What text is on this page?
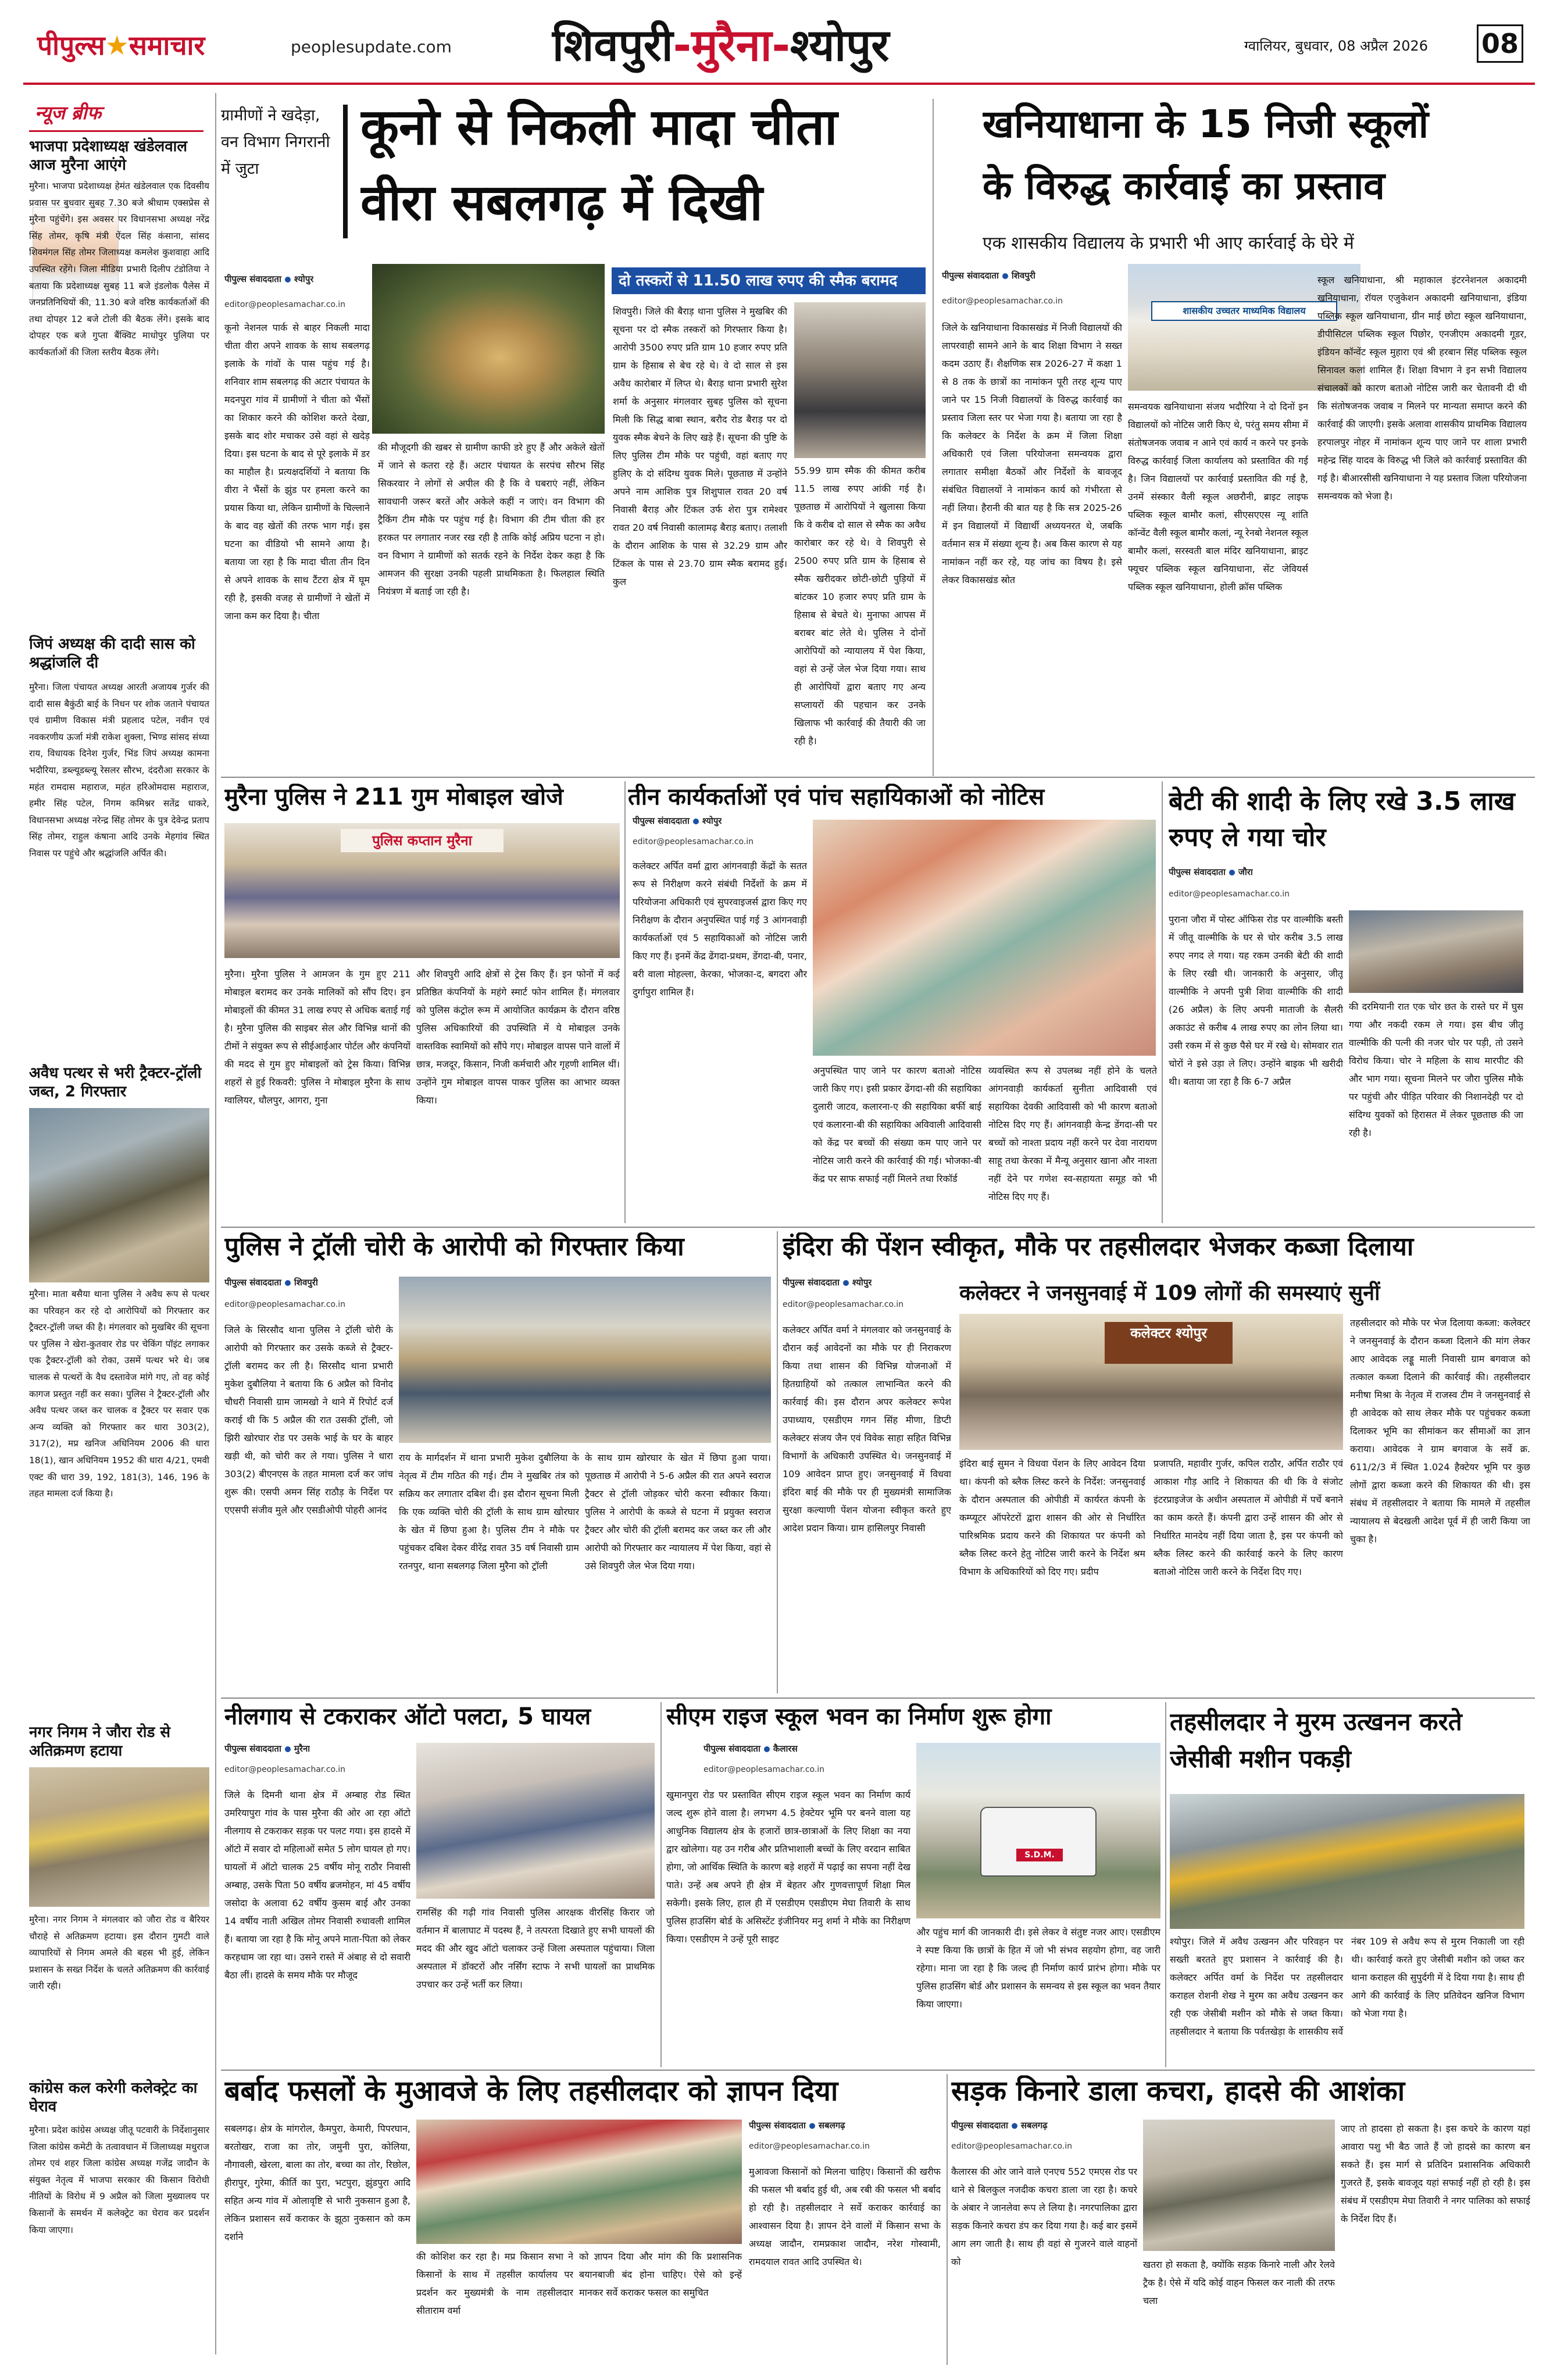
पीपुल्स★समाचार	peoplesupdate.com शिवपुरी-मुरैना-श्योपुर	ग्वालियर, बुधवार, 08 अप्रैल 2026 08
न्यूज ब्रीफ
भाजपा प्रदेशाध्यक्ष खंडेलवाल आज मुरैना आएंगे
मुरैना। भाजपा प्रदेशाध्यक्ष हेमंत खंडेलवाल एक दिवसीय प्रवास पर बुधवार सुबह 7.30 बजे श्रीधाम एक्सप्रेस से मुरैना पहुंचेंगे। इस अवसर पर विधानसभा अध्यक्ष नरेंद्र सिंह तोमर, कृषि मंत्री ऐंदल सिंह कंसाना, सांसद शिवमंगल सिंह तोमर जिलाध्यक्ष कमलेश कुशवाहा आदि उपस्थित रहेंगे। जिला मीडिया प्रभारी दिलीप टंडोतिया ने बताया कि प्रदेशाध्यक्ष सुबह 11 बजे इंडलोक पैलेस में जनप्रतिनिधियों की, 11.30 बजे वरिष्ठ कार्यकर्ताओं की तथा दोपहर 12 बजे टोली की बैठक लेंगे। इसके बाद दोपहर एक बजे गुप्ता बैंक्विट माधोपुर पुलिया पर कार्यकर्ताओं की जिला स्तरीय बैठक लेंगे।
जिपं अध्यक्ष की दादी सास को श्रद्धांजलि दी
मुरैना। जिला पंचायत अध्यक्ष आरती अजायब गुर्जर की दादी सास बैकुंठी बाई के निधन पर शोक जताने पंचायत एवं ग्रामीण विकास मंत्री प्रहलाद पटेल, नवीन एवं नवकरणीय ऊर्जा मंत्री राकेश शुक्ला, भिण्ड सांसद संध्या राय, विधायक दिनेश गुर्जर, भिंड जिपं अध्यक्ष कामना भदौरिया, डब्ल्यूडब्ल्यू रेसलर सौरभ, दंदरौआ सरकार के महंत रामदास महाराज, महंत हरिओमदास महाराज, हमीर सिंह पटेल, निगम कमिश्नर सतेंद्र धाकरे, विधानसभा अध्यक्ष नरेन्द्र सिंह तोमर के पुत्र देवेन्द्र प्रताप सिंह तोमर, राहुल कंषाना आदि उनके मेहगांव स्थित निवास पर पहुंचे और श्रद्धांजलि अर्पित की।
अवैध पत्थर से भरी ट्रैक्टर-ट्रॉली जब्त, 2 गिरफ्तार
मुरैना। माता बसैया थाना पुलिस ने अवैध रूप से पत्थर का परिवहन कर रहे दो आरोपियों को गिरफ्तार कर ट्रैक्टर-ट्रॉली जब्त की है। मंगलवार को मुखबिर की सूचना पर पुलिस ने खेरा-कुतवार रोड पर चेकिंग पॉइंट लगाकर एक ट्रैक्टर-ट्रॉली को रोका, उसमें पत्थर भरे थे। जब चालक से पत्थरों के वैध दस्तावेज मांगे गए, तो वह कोई कागज प्रस्तुत नहीं कर सका। पुलिस ने ट्रैक्टर-ट्रॉली और अवैध पत्थर जब्त कर चालक व ट्रैक्टर पर सवार एक अन्य व्यक्ति को गिरफ्तार कर धारा 303(2), 317(2), मप्र खनिज अधिनियम 2006 की धारा 18(1), खान अधिनियम 1952 की धारा 4/21, एमवी एक्ट की धारा 39, 192, 181(3), 146, 196 के तहत मामला दर्ज किया है।
नगर निगम ने जौरा रोड से अतिक्रमण हटाया
मुरैना। नगर निगम ने मंगलवार को जौरा रोड व बैरियर चौराहे से अतिक्रमण हटाया। इस दौरान गुमटी वाले व्यापारियों से निगम अमले की बहस भी हुई, लेकिन प्रशासन के सख्त निर्देश के चलते अतिक्रमण की कार्रवाई जारी रही।
कांग्रेस कल करेगी कलेक्ट्रेट का घेराव
मुरैना। प्रदेश कांग्रेस अध्यक्ष जीतू पटवारी के निर्देशानुसार जिला कांग्रेस कमेटी के तत्वावधान में जिलाध्यक्ष मधुराज तोमर एवं शहर जिला कांग्रेस अध्यक्ष गजेंद्र जादौन के संयुक्त नेतृत्व में भाजपा सरकार की किसान विरोधी नीतियों के विरोध में 9 अप्रैल को जिला मुख्यालय पर किसानों के समर्थन में कलेक्ट्रेट का घेराव कर प्रदर्शन किया जाएगा।
ग्रामीणों ने खदेड़ा, वन विभाग निगरानी में जुटा
कूनो से निकली मादा चीता
वीरा सबलगढ़ में दिखी
पीपुल्स संवाददाता श्योपुर
editor@peoplesamachar.co.in
कूनो नेशनल पार्क से बाहर निकली मादा चीता वीरा अपने शावक के साथ सबलगढ़ इलाके के गांवों के पास पहुंच गई है। शनिवार शाम सबलगढ़ की अटार पंचायत के मदनपुरा गांव में ग्रामीणों ने चीता को भैंसों का शिकार करने की कोशिश करते देखा, इसके बाद शोर मचाकर उसे वहां से खदेड़ दिया। इस घटना के बाद से पूरे इलाके में डर का माहौल है। प्रत्यक्षदर्शियों ने बताया कि वीरा ने भैंसों के झुंड पर हमला करने का प्रयास किया था, लेकिन ग्रामीणों के चिल्लाने के बाद वह खेतों की तरफ भाग गई। इस घटना का वीडियो भी सामने आया है। बताया जा रहा है कि मादा चीता तीन दिन से अपने शावक के साथ टैंटरा क्षेत्र में घूम रही है, इसकी वजह से ग्रामीणों ने खेतों में जाना कम कर दिया है। चीता
की मौजूदगी की खबर से ग्रामीण काफी डरे हुए हैं और अकेले खेतों में जाने से कतरा रहे हैं। अटार पंचायत के सरपंच सौरभ सिंह सिकरवार ने लोगों से अपील की है कि वे घबराएं नहीं, लेकिन सावधानी जरूर बरतें और अकेले कहीं न जाएं। वन विभाग की ट्रैकिंग टीम मौके पर पहुंच गई है। विभाग की टीम चीता की हर हरकत पर लगातार नजर रख रही है ताकि कोई अप्रिय घटना न हो। वन विभाग ने ग्रामीणों को सतर्क रहने के निर्देश देकर कहा है कि आमजन की सुरक्षा उनकी पहली प्राथमिकता है। फिलहाल स्थिति नियंत्रण में बताई जा रही है।
दो तस्करों से 11.50 लाख रुपए की स्मैक बरामद
शिवपुरी। जिले की बैराड़ थाना पुलिस ने मुखबिर की सूचना पर दो स्मैक तस्करों को गिरफ्तार किया है। आरोपी 3500 रुपए प्रति ग्राम 10 हजार रुपए प्रति ग्राम के हिसाब से बेच रहे थे। वे दो साल से इस अवैध कारोबार में लिप्त थे। बैराड़ थाना प्रभारी सुरेश शर्मा के अनुसार मंगलवार सुबह पुलिस को सूचना मिली कि सिद्ध बाबा स्थान, बरौद रोड बैराड़ पर दो युवक स्मैक बेचने के लिए खड़े हैं। सूचना की पुष्टि के लिए पुलिस टीम मौके पर पहुंची, वहां बताए गए हुलिए के दो संदिग्ध युवक मिले। पूछताछ में उन्होंने अपने नाम आशिक पुत्र शिशुपाल रावत 20 वर्ष निवासी बैराड़ और टिंकल उर्फ शेरा पुत्र रामेश्वर रावत 20 वर्ष निवासी कालामढ़ बैराड़ बताए। तलाशी के दौरान आशिक के पास से 32.29 ग्राम और टिंकल के पास से 23.70 ग्राम स्मैक बरामद हुई। कुल
55.99 ग्राम स्मैक की कीमत करीब 11.5 लाख रुपए आंकी गई है। पूछताछ में आरोपियों ने खुलासा किया कि वे करीब दो साल से स्मैक का अवैध कारोबार कर रहे थे। वे शिवपुरी से 2500 रुपए प्रति ग्राम के हिसाब से स्मैक खरीदकर छोटी-छोटी पुड़ियों में बांटकर 10 हजार रुपए प्रति ग्राम के हिसाब से बेचते थे। मुनाफा आपस में बराबर बांट लेते थे। पुलिस ने दोनों आरोपियों को न्यायालय में पेश किया, वहां से उन्हें जेल भेज दिया गया। साथ ही आरोपियों द्वारा बताए गए अन्य सप्लायरों की पहचान कर उनके खिलाफ भी कार्रवाई की तैयारी की जा रही है।
खनियाधाना के 15 निजी स्कूलों
के विरुद्ध कार्रवाई का प्रस्ताव
एक शासकीय विद्यालय के प्रभारी भी आए कार्रवाई के घेरे में
पीपुल्स संवाददाता शिवपुरी
editor@peoplesamachar.co.in
शासकीय उच्चतर माध्यमिक विद्यालय
जिले के खनियाधाना विकासखंड में निजी विद्यालयों की लापरवाही सामने आने के बाद शिक्षा विभाग ने सख्त कदम उठाए हैं। शैक्षणिक सत्र 2026-27 में कक्षा 1 से 8 तक के छात्रों का नामांकन पूरी तरह शून्य पाए जाने पर 15 निजी विद्यालयों के विरुद्ध कार्रवाई का प्रस्ताव जिला स्तर पर भेजा गया है। बताया जा रहा है कि कलेक्टर के निर्देश के क्रम में जिला शिक्षा अधिकारी एवं जिला परियोजना समन्वयक द्वारा लगातार समीक्षा बैठकों और निर्देशों के बावजूद संबंधित विद्यालयों ने नामांकन कार्य को गंभीरता से नहीं लिया। हैरानी की बात यह है कि सत्र 2025-26 में इन विद्यालयों में विद्यार्थी अध्ययनरत थे, जबकि वर्तमान सत्र में संख्या शून्य है। अब किस कारण से यह नामांकन नहीं कर रहे, यह जांच का विषय है। इसे लेकर विकासखंड स्रोत
समन्वयक खनियाधाना संजय भदौरिया ने दो दिनों इन विद्यालयों को नोटिस जारी किए थे, परंतु समय सीमा में संतोषजनक जवाब न आने एवं कार्य न करने पर इनके विरुद्ध कार्रवाई जिला कार्यालय को प्रस्तावित की गई है। जिन विद्यालयों पर कार्रवाई प्रस्तावित की गई है, उनमें संस्कार वैली स्कूल अछरौनी, ब्राइट लाइफ पब्लिक स्कूल बामौर कलां, सीएसएएस न्यू शांति कॉन्वेंट वैली स्कूल बामौर कलां, न्यू रेनबो नेशनल स्कूल बामौर कलां, सरस्वती बाल मंदिर खनियाधाना, ब्राइट फ्यूचर पब्लिक स्कूल खनियाधाना, सेंट जेवियर्स पब्लिक स्कूल खनियाधाना, होली क्रॉस पब्लिक
स्कूल खनियाधाना, श्री महाकाल इंटरनेशनल अकादमी खनियाधाना, रॉयल एजुकेशन अकादमी खनियाधाना, इंडिया पब्लिक स्कूल खनियाधाना, ग्रीन माई छोटा स्कूल खनियाधाना, डीपीसिटल पब्लिक स्कूल पिछोर, एनजीएम अकादमी गूडर, इंडियन कॉन्वेंट स्कूल मुहारा एवं श्री हरबान सिंह पब्लिक स्कूल सिनावल कलां शामिल हैं। शिक्षा विभाग ने इन सभी विद्यालय संचालकों को कारण बताओ नोटिस जारी कर चेतावनी दी थी कि संतोषजनक जवाब न मिलने पर मान्यता समाप्त करने की कार्रवाई की जाएगी। इसके अलावा शासकीय प्राथमिक विद्यालय हरपालपुर नोहर में नामांकन शून्य पाए जाने पर शाला प्रभारी महेन्द्र सिंह यादव के विरुद्ध भी जिले को कार्रवाई प्रस्तावित की गई है। बीआरसीसी खनियाधाना ने यह प्रस्ताव जिला परियोजना समन्वयक को भेजा है।
मुरैना पुलिस ने 211 गुम मोबाइल खोजे
पुलिस कप्तान मुरैना
मुरैना। मुरैना पुलिस ने आमजन के गुम हुए 211 मोबाइल बरामद कर उनके मालिकों को सौंप दिए। इन मोबाइलों की कीमत 31 लाख रुपए से अधिक बताई गई है। मुरैना पुलिस की साइबर सेल और विभिन्न थानों की टीमों ने संयुक्त रूप से सीईआईआर पोर्टल और कंपनियों की मदद से गुम हुए मोबाइलों को ट्रेस किया। विभिन्न शहरों से हुई रिकवरी: पुलिस ने मोबाइल मुरैना के साथ ग्वालियर, धौलपुर, आगरा, गुना
और शिवपुरी आदि क्षेत्रों से ट्रेस किए हैं। इन फोनों में कई प्रतिष्ठित कंपनियों के महंगे स्मार्ट फोन शामिल हैं। मंगलवार को पुलिस कंट्रोल रूम में आयोजित कार्यक्रम के दौरान वरिष्ठ पुलिस अधिकारियों की उपस्थिति में ये मोबाइल उनके वास्तविक स्वामियों को सौंपे गए। मोबाइल वापस पाने वालों में छात्र, मजदूर, किसान, निजी कर्मचारी और गृहणी शामिल थीं। उन्होंने गुम मोबाइल वापस पाकर पुलिस का आभार व्यक्त किया।
तीन कार्यकर्ताओं एवं पांच सहायिकाओं को नोटिस
पीपुल्स संवाददाता श्योपुर
editor@peoplesamachar.co.in
कलेक्टर अर्पित वर्मा द्वारा आंगनवाड़ी केंद्रों के सतत रूप से निरीक्षण करने संबंधी निर्देशों के क्रम में परियोजना अधिकारी एवं सुपरवाइजर्स द्वारा किए गए निरीक्षण के दौरान अनुपस्थित पाई गई 3 आंगनवाड़ी कार्यकर्ताओं एवं 5 सहायिकाओं को नोटिस जारी किए गए हैं। इनमें केंद्र ढेंगदा-प्रथम, डेंगदा-बी, पनार, बरी वाला मोहल्ला, केरका, भोजका-द, बगदरा और दुर्गापुरा शामिल हैं।
अनुपस्थित पाए जाने पर कारण बताओ नोटिस जारी किए गए। इसी प्रकार ढेंगदा-सी की सहायिका दुलारी जाटव, कलारना-ए की सहायिका बर्फी बाई एवं कलारना-बी की सहायिका अविवाली आदिवासी को केंद्र पर बच्चों की संख्या कम पाए जाने पर नोटिस जारी करने की कार्रवाई की गई। भोजका-बी केंद्र पर साफ सफाई नहीं मिलने तथा रिकॉर्ड
व्यवस्थित रूप से उपलब्ध नहीं होने के चलते आंगनवाड़ी कार्यकर्ता सुनीता आदिवासी एवं सहायिका देवकी आदिवासी को भी कारण बताओ नोटिस दिए गए हैं। आंगनवाड़ी केन्द्र डेंगदा-सी पर बच्चों को नाश्ता प्रदाय नहीं करने पर देवा नारायण साहू तथा केरका में मैन्यू अनुसार खाना और नाश्ता नहीं देने पर गणेश स्व-सहायता समूह को भी नोटिस दिए गए हैं।
बेटी की शादी के लिए रखे 3.5 लाख रुपए ले गया चोर
पीपुल्स संवाददाता जौरा
editor@peoplesamachar.co.in
पुराना जौरा में पोस्ट ऑफिस रोड पर वाल्मीकि बस्ती में जीतू वाल्मीकि के घर से चोर करीब 3.5 लाख रुपए नगद ले गया। यह रकम उनकी बेटी की शादी के लिए रखी थी। जानकारी के अनुसार, जीतू वाल्मीकि ने अपनी पुत्री शिवा वाल्मीकि की शादी (26 अप्रैल) के लिए अपनी माताजी के सैलरी अकाउंट से करीब 4 लाख रुपए का लोन लिया था। उसी रकम में से कुछ पैसे घर में रखे थे। सोमवार रात चोरों ने इसे उड़ा ले लिए। उन्होंने बाइक भी खरीदी थी। बताया जा रहा है कि 6-7 अप्रैल
की दरमियानी रात एक चोर छत के रास्ते घर में घुस गया और नकदी रकम ले गया। इस बीच जीतू वाल्मीकि की पत्नी की नजर चोर पर पड़ी, तो उसने विरोध किया। चोर ने महिला के साथ मारपीट की और भाग गया। सूचना मिलने पर जौरा पुलिस मौके पर पहुंची और पीड़ित परिवार की निशानदेही पर दो संदिग्ध युवकों को हिरासत में लेकर पूछताछ की जा रही है।
पुलिस ने ट्रॉली चोरी के आरोपी को गिरफ्तार किया
पीपुल्स संवाददाता शिवपुरी
editor@peoplesamachar.co.in
जिले के सिरसौद थाना पुलिस ने ट्रॉली चोरी के आरोपी को गिरफ्तार कर उसके कब्जे से ट्रैक्टर-ट्रॉली बरामद कर ली है। सिरसौद थाना प्रभारी मुकेश दुबौलिया ने बताया कि 6 अप्रैल को विनोद चौधरी निवासी ग्राम जामखो ने थाने में रिपोर्ट दर्ज कराई थी कि 5 अप्रैल की रात उसकी ट्रॉली, जो झिरी खोरघार रोड पर उसके भाई के घर के बाहर खड़ी थी, को चोरी कर ले गया। पुलिस ने धारा 303(2) बीएनएस के तहत मामला दर्ज कर जांच शुरू की। एसपी अमन सिंह राठौड़ के निर्देश पर एएसपी संजीव मुले और एसडीओपी पोहरी आनंद
राय के मार्गदर्शन में थाना प्रभारी मुकेश दुबौलिया के नेतृत्व में टीम गठित की गई। टीम ने मुखबिर तंत्र को सक्रिय कर लगातार दबिश दी। इस दौरान सूचना मिली कि एक व्यक्ति चोरी की ट्रॉली के साथ ग्राम खोरघार के खेत में छिपा हुआ है। पुलिस टीम ने मौके पर पहुंचकर दबिश देकर वीरेंद्र रावत 35 वर्ष निवासी ग्राम रतनपुर, थाना सबलगढ़ जिला मुरैना को ट्रॉली
के साथ ग्राम खोरघार के खेत में छिपा हुआ पाया। पूछताछ में आरोपी ने 5-6 अप्रैल की रात अपने स्वराज ट्रैक्टर से ट्रॉली जोड़कर चोरी करना स्वीकार किया। पुलिस ने आरोपी के कब्जे से घटना में प्रयुक्त स्वराज ट्रैक्टर और चोरी की ट्रॉली बरामद कर जब्त कर ली और आरोपी को गिरफ्तार कर न्यायालय में पेश किया, वहां से उसे शिवपुरी जेल भेज दिया गया।
इंदिरा की पेंशन स्वीकृत, मौके पर तहसीलदार भेजकर कब्जा दिलाया
पीपुल्स संवाददाता श्योपुर
editor@peoplesamachar.co.in	कलेक्टर ने जनसुनवाई में 109 लोगों की समस्याएं सुनीं
कलेक्टर अर्पित वर्मा ने मंगलवार को जनसुनवाई के दौरान कई आवेदनों का मौके पर ही निराकरण किया तथा शासन की विभिन्न योजनाओं में हितग्राहियों को तत्काल लाभान्वित करने की कार्रवाई की। इस दौरान अपर कलेक्टर रूपेश उपाध्याय, एसडीएम गगन सिंह मीणा, डिप्टी कलेक्टर संजय जैन एवं विवेक साहा सहित विभिन्न विभागों के अधिकारी उपस्थित थे। जनसुनवाई में 109 आवेदन प्राप्त हुए। जनसुनवाई में विधवा इंदिरा बाई की मौके पर ही मुख्यमंत्री सामाजिक सुरक्षा कल्याणी पेंशन योजना स्वीकृत करते हुए आदेश प्रदान किया। ग्राम हासिलपुर निवासी
कलेक्टर श्योपुर
इंदिरा बाई सुमन ने विधवा पेंशन के लिए आवेदन दिया था। कंपनी को ब्लैक लिस्ट करने के निर्देश: जनसुनवाई के दौरान अस्पताल की ओपीडी में कार्यरत कंपनी के कम्प्यूटर ऑपरेटरों द्वारा शासन की ओर से निर्धारित पारिश्रमिक प्रदाय करने की शिकायत पर कंपनी को ब्लैक लिस्ट करने हेतु नोटिस जारी करने के निर्देश श्रम विभाग के अधिकारियों को दिए गए। प्रदीप
प्रजापति, महावीर गुर्जर, कपिल राठौर, अर्पित राठौर एवं आकाश गौड़ आदि ने शिकायत की थी कि वे संजोट इंटरप्राइजेज के अधीन अस्पताल में ओपीडी में पर्चे बनाने का काम करते हैं। कंपनी द्वारा उन्हें शासन की ओर से निर्धारित मानदेय नहीं दिया जाता है, इस पर कंपनी को ब्लैक लिस्ट करने की कार्रवाई करने के लिए कारण बताओ नोटिस जारी करने के निर्देश दिए गए।
तहसीलदार को मौके पर भेज दिलाया कब्जा: कलेक्टर ने जनसुनवाई के दौरान कब्जा दिलाने की मांग लेकर आए आवेदक लड्डू माली निवासी ग्राम बगवाज को तत्काल कब्जा दिलाने की कार्रवाई की। तहसीलदार मनीषा मिश्रा के नेतृत्व में राजस्व टीम ने जनसुनवाई से ही आवेदक को साथ लेकर मौके पर पहुंचकर कब्जा दिलाकर भूमि का सीमांकन कर सीमाओं का ज्ञान कराया। आवेदक ने ग्राम बगवाज के सर्वे क्र. 611/2/3 में स्थित 1.024 हैक्टेयर भूमि पर कुछ लोगों द्वारा कब्जा करने की शिकायत की थी। इस संबंध में तहसीलदार ने बताया कि मामले में तहसील न्यायालय से बेदखली आदेश पूर्व में ही जारी किया जा चुका है।
नीलगाय से टकराकर ऑटो पलटा, 5 घायल
पीपुल्स संवाददाता मुरैना
editor@peoplesamachar.co.in
जिले के दिमनी थाना क्षेत्र में अम्बाह रोड स्थित उमरियापुरा गांव के पास मुरैना की ओर आ रहा ऑटो नीलगाय से टकराकर सड़क पर पलट गया। इस हादसे में ऑटो में सवार दो महिलाओं समेत 5 लोग घायल हो गए। घायलों में ऑटो चालक 25 वर्षीय मोनू राठौर निवासी अम्बाह, उसके पिता 50 वर्षीय ब्रजमोहन, मां 45 वर्षीय जसोदा के अलावा 62 वर्षीय कुसम बाई और उनका 14 वर्षीय नाती अखिल तोमर निवासी रुधावली शामिल हैं। बताया जा रहा है कि मोनू अपने माता-पिता को लेकर करहधाम जा रहा था। उसने रास्ते में अंबाह से दो सवारी बैठा लीं। हादसे के समय मौके पर मौजूद
रामसिंह की गढ़ी गांव निवासी पुलिस आरक्षक वीरसिंह किरार जो वर्तमान में बालाघाट में पदस्थ हैं, ने तत्परता दिखाते हुए सभी घायलों की मदद की और खुद ऑटो चलाकर उन्हें जिला अस्पताल पहुंचाया। जिला अस्पताल में डॉक्टरों और नर्सिंग स्टाफ ने सभी घायलों का प्राथमिक उपचार कर उन्हें भर्ती कर लिया।
सीएम राइज स्कूल भवन का निर्माण शुरू होगा
पीपुल्स संवाददाता कैलारस
editor@peoplesamachar.co.in
खुमानपुरा रोड पर प्रस्तावित सीएम राइज स्कूल भवन का निर्माण कार्य जल्द शुरू होने वाला है। लगभग 4.5 हेक्टेयर भूमि पर बनने वाला यह आधुनिक विद्यालय क्षेत्र के हजारों छात्र-छात्राओं के लिए शिक्षा का नया द्वार खोलेगा। यह उन गरीब और प्रतिभाशाली बच्चों के लिए वरदान साबित होगा, जो आर्थिक स्थिति के कारण बड़े शहरों में पढ़ाई का सपना नहीं देख पाते। उन्हें अब अपने ही क्षेत्र में बेहतर और गुणवत्तापूर्ण शिक्षा मिल सकेगी। इसके लिए, हाल ही में एसडीएम एसडीएम मेघा तिवारी के साथ पुलिस हाउसिंग बोर्ड के असिस्टेंट इंजीनियर मनु शर्मा ने मौके का निरीक्षण किया। एसडीएम ने उन्हें पूरी साइट
S.D.M.
और पहुंच मार्ग की जानकारी दी। इसे लेकर वे संतुष्ट नजर आए। एसडीएम ने स्पष्ट किया कि छात्रों के हित में जो भी संभव सहयोग होगा, वह जारी रहेगा। माना जा रहा है कि जल्द ही निर्माण कार्य प्रारंभ होगा। मौके पर पुलिस हाउसिंग बोर्ड और प्रशासन के समन्वय से इस स्कूल का भवन तैयार किया जाएगा।
तहसीलदार ने मुरम उत्खनन करते जेसीबी मशीन पकड़ी
श्योपुर। जिले में अवैध उत्खनन और परिवहन पर सख्ती बरतते हुए प्रशासन ने कार्रवाई की है। कलेक्टर अर्पित वर्मा के निर्देश पर तहसीलदार कराहल रोशनी शेख ने मुरम का अवैध उत्खनन कर रही एक जेसीबी मशीन को मौके से जब्त किया। तहसीलदार ने बताया कि पर्वतखेड़ा के शासकीय सर्वे नंबर 109 से अवैध रूप से मुरम निकाली जा रही थी। कार्रवाई करते हुए जेसीबी मशीन को जब्त कर थाना कराहल की सुपुर्दगी में दे दिया गया है। साथ ही आगे की कार्रवाई के लिए प्रतिवेदन खनिज विभाग को भेजा गया है।
बर्बाद फसलों के मुआवजे के लिए तहसीलदार को ज्ञापन दिया
सबलगढ़। क्षेत्र के मांगरोल, कैमपुरा, केमारी, पिपरघान, बरतोखर, राजा का तोर, जमुनी पुरा, कोलिया, नौगावली, खेरला, बाला का तोर, बच्चा का तोर, रिछोल, हीरापुर, गुरेमा, कीर्ति का पुरा, भटपुरा, झुंडपुरा आदि सहित अन्य गांव में ओलावृष्टि से भारी नुकसान हुआ है, लेकिन प्रशासन सर्वे कराकर के झूठा नुकसान को कम दर्शाने
की कोशिश कर रहा है। मप्र किसान सभा ने किसानों के साथ में तहसील कार्यालय पर प्रदर्शन कर मुख्यमंत्री के नाम तहसीलदार सीताराम वर्मा
को ज्ञापन दिया और मांग की कि प्रशासनिक बयानबाजी बंद होना चाहिए। ऐसे को इन्हें मानकर सर्वे कराकर फसल का समुचित
पीपुल्स संवाददाता सबलगढ़
editor@peoplesamachar.co.in
मुआवजा किसानों को मिलना चाहिए। किसानों की खरीफ की फसल भी बर्बाद हुई थी, अब रबी की फसल भी बर्बाद हो रही है। तहसीलदार ने सर्वे कराकर कार्रवाई का आश्वासन दिया है। ज्ञापन देने वालों में किसान सभा के अध्यक्ष जादौन, रामप्रकाश जादौन, नरेश गोस्वामी, रामदयाल रावत आदि उपस्थित थे।
सड़क किनारे डाला कचरा, हादसे की आशंका
पीपुल्स संवाददाता सबलगढ़
editor@peoplesamachar.co.in
कैलारस की ओर जाने वाले एनएच 552 एमएस रोड पर थाने से बिलकुल नजदीक कचरा डाला जा रहा है। कचरे के अंबार ने जानलेवा रूप ले लिया है। नगरपालिका द्वारा सड़क किनारे कचरा डंप कर दिया गया है। कई बार इसमें आग लग जाती है। साथ ही वहां से गुजरने वाले वाहनों को	खतरा हो सकता है, क्योंकि सड़क किनारे नाली और रेलवे ट्रैक है। ऐसे में यदि कोई वाहन फिसल कर नाली की तरफ चला
जाए तो हादसा हो सकता है। इस कचरे के कारण यहां आवारा पशु भी बैठ जाते हैं जो हादसे का कारण बन सकते हैं। इस मार्ग से प्रतिदिन प्रशासनिक अधिकारी गुजरते हैं, इसके बावजूद यहां सफाई नहीं हो रही है। इस संबंध में एसडीएम मेघा तिवारी ने नगर पालिका को सफाई के निर्देश दिए हैं।
